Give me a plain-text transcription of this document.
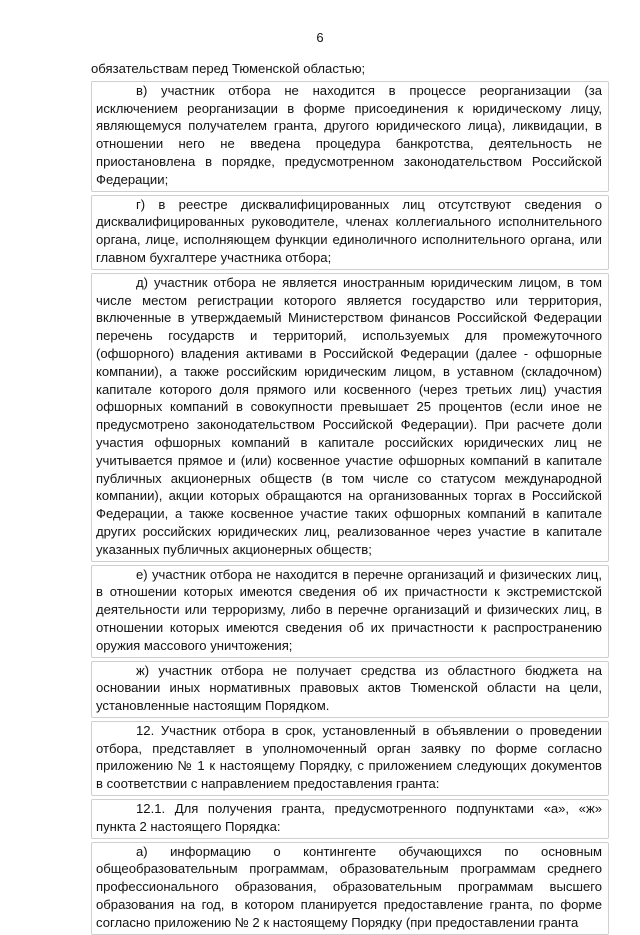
6

обязательствам перед Тюменской областью;

в) участник отбора не находится в процессе реорганизации (за исключением реорганизации в форме присоединения к юридическому лицу, являющемуся получателем гранта, другого юридического лица), ликвидации, в отношении него не введена процедура банкротства, деятельность не приостановлена в порядке, предусмотренном законодательством Российской Федерации;

г) в реестре дисквалифицированных лиц отсутствуют сведения о дисквалифицированных руководителе, членах коллегиального исполнительного органа, лице, исполняющем функции единоличного исполнительного органа, или главном бухгалтере участника отбора;

д) участник отбора не является иностранным юридическим лицом, в том числе местом регистрации которого является государство или территория, включенные в утверждаемый Министерством финансов Российской Федерации перечень государств и территорий, используемых для промежуточного (офшорного) владения активами в Российской Федерации (далее - офшорные компании), а также российским юридическим лицом, в уставном (складочном) капитале которого доля прямого или косвенного (через третьих лиц) участия офшорных компаний в совокупности превышает 25 процентов (если иное не предусмотрено законодательством Российской Федерации). При расчете доли участия офшорных компаний в капитале российских юридических лиц не учитывается прямое и (или) косвенное участие офшорных компаний в капитале публичных акционерных обществ (в том числе со статусом международной компании), акции которых обращаются на организованных торгах в Российской Федерации, а также косвенное участие таких офшорных компаний в капитале других российских юридических лиц, реализованное через участие в капитале указанных публичных акционерных обществ;

е) участник отбора не находится в перечне организаций и физических лиц, в отношении которых имеются сведения об их причастности к экстремистской деятельности или терроризму, либо в перечне организаций и физических лиц, в отношении которых имеются сведения об их причастности к распространению оружия массового уничтожения;

ж) участник отбора не получает средства из областного бюджета на основании иных нормативных правовых актов Тюменской области на цели, установленные настоящим Порядком.

12. Участник отбора в срок, установленный в объявлении о проведении отбора, представляет в уполномоченный орган заявку по форме согласно приложению № 1 к настоящему Порядку, с приложением следующих документов в соответствии с направлением предоставления гранта:

12.1. Для получения гранта, предусмотренного подпунктами «а», «ж» пункта 2 настоящего Порядка:

а) информацию о контингенте обучающихся по основным общеобразовательным программам, образовательным программам среднего профессионального образования, образовательным программам высшего образования на год, в котором планируется предоставление гранта, по форме согласно приложению № 2 к настоящему Порядку (при предоставлении гранта
